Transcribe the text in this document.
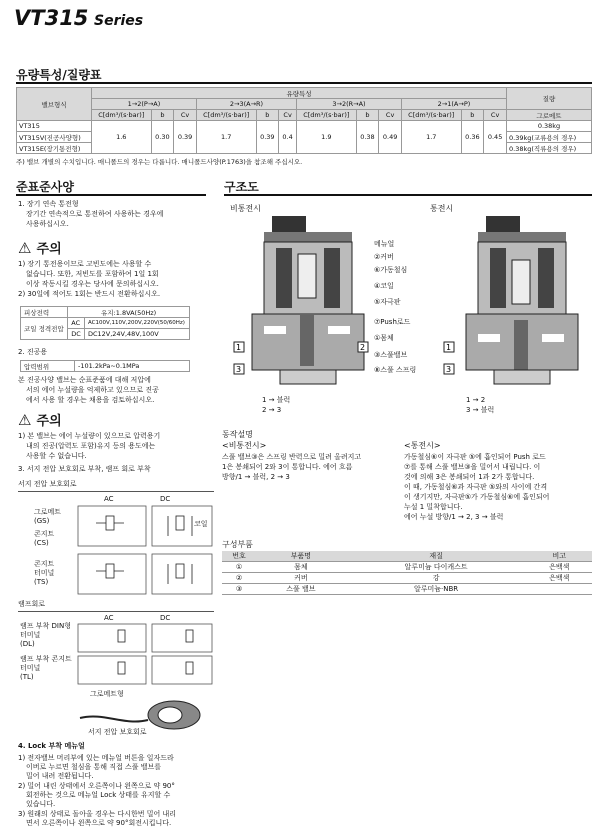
VT315 Series
유량특성/질량표
밸브형식	유량특성												질량
	1→2(P→A)			2→3(A→R)			3→2(R→A)			2→1(A→P)			
	C[dm³/(s·bar)]	b	Cv	C[dm³/(s·bar)]	b	Cv	C[dm³/(s·bar)]	b	Cv	C[dm³/(s·bar)]	b	Cv	그로메트
VT315	1.6	0.30	0.39	1.7	0.39	0.4	1.9	0.38	0.49	1.7	0.36	0.45	0.38kg
VT315V(진공사양형)													0.39kg(교류용의 경우)
VT315E(장기통전형)													0.38kg(직류용의 경우)
주) 밸브 개별의 수치입니다. 매니폴드의 경우는 다릅니다. 매니폴드사양(P.1763)을 참조해 주십시오.
준표준사양
1. 장기 연속 통전형
장기간 연속적으로 통전하여 사용하는 경우에
사용하십시오.
⚠ 주의
1) 장기 통전용이므로 고빈도에는 사용할 수
없습니다. 또한, 저빈도를 포함하여 1일 1회
이상 작동시킬 경우는 당사에 문의하십시오.
2) 30일에 적어도 1회는 반드시 전환하십시오.
피상전력	유지:1.8VA(50Hz)	
코일 정격전압	AC	AC100V,110V,200V,220V(50/60Hz)
	DC	DC12V,24V,48V,100V
2. 진공용
압력범위	-101.2kPa~0.1MPa
본 진공사양 밸브는 순표준품에 대해 저압에
서의 에어 누설량을 억제하고 있으므로 진공
에서 사용 할 경우는 채용을 검토하십시오.
⚠ 주의
1) 본 밸브는 에어 누설량이 있으므로 압력용기
내의 진공(압력도 포함)유지 등의 용도에는
사용할 수 없습니다.
3. 서지 전압 보호회로 부착, 램프 회로 부착
서지 전압 보호회로
AC	DC
그로메트
(GS)
콘지트
(CS)
콘지트
터미널
(TS)
코일
램프회로
AC	DC
램프 부착 DIN형
터미널
(DL)
램프 부착 콘지트
터미널
(TL)
그로메트형
서지 전압 보호회로
4. Lock 부착 메뉴얼
1) 전자밸브 머리부에 있는 메뉴얼 버튼을 일자드라
이버로 누르면 철심을 통해 직접 스풀 밸브를
밀어 내려 전환됩니다.
2) 밀어 내린 상태에서 오른쪽이나 왼쪽으로 약 90°
회전하는 것으로 메뉴얼 Lock 상태를 유지할 수
있습니다.
3) 원래의 상태로 돌아올 경우는 다시한번 밀어 내리
면서 오른쪽이나 왼쪽으로 약 90°회전시킵니다.
구조도
비통전시	통전시
1
3
2
메뉴얼
②커버
⑥가동철심
④코일
⑤자극판
⑦Push로드
①몸체
③스풀밸브
⑧스풀 스프링
1
3
1 → 블럭
2 → 3
1 → 2
3 → 블럭
동작설명
<비통전시>
스풀 밸브③은 스프링 반력으로 밀려 올려지고
1은 봉쇄되어 2와 3이 통합니다. 에어 흐름
방향/1 → 블럭, 2 → 3
<통전시>
가동철심⑥이 자극판 ⑤에 흡인되어 Push 로드
⑦를 통해 스풀 밸브③을 밀어서 내립니다. 이
것에 의해 3은 봉쇄되어 1과 2가 통합니다.
이 때, 가동철심⑥과 자극판 ⑤와의 사이에 간격
이 생기지만, 자극판⑤가 가동철심⑥에 흡인되어
누설 1 밀착합니다.
에어 누설 방향/1 → 2, 3 → 블럭
구성부품
번호	부품명	재질	비고
①	몸체	알루미늄 다이캐스트	은백색
②	커버	강	은백색
③	스풀 밸브	알루미늄·NBR	
